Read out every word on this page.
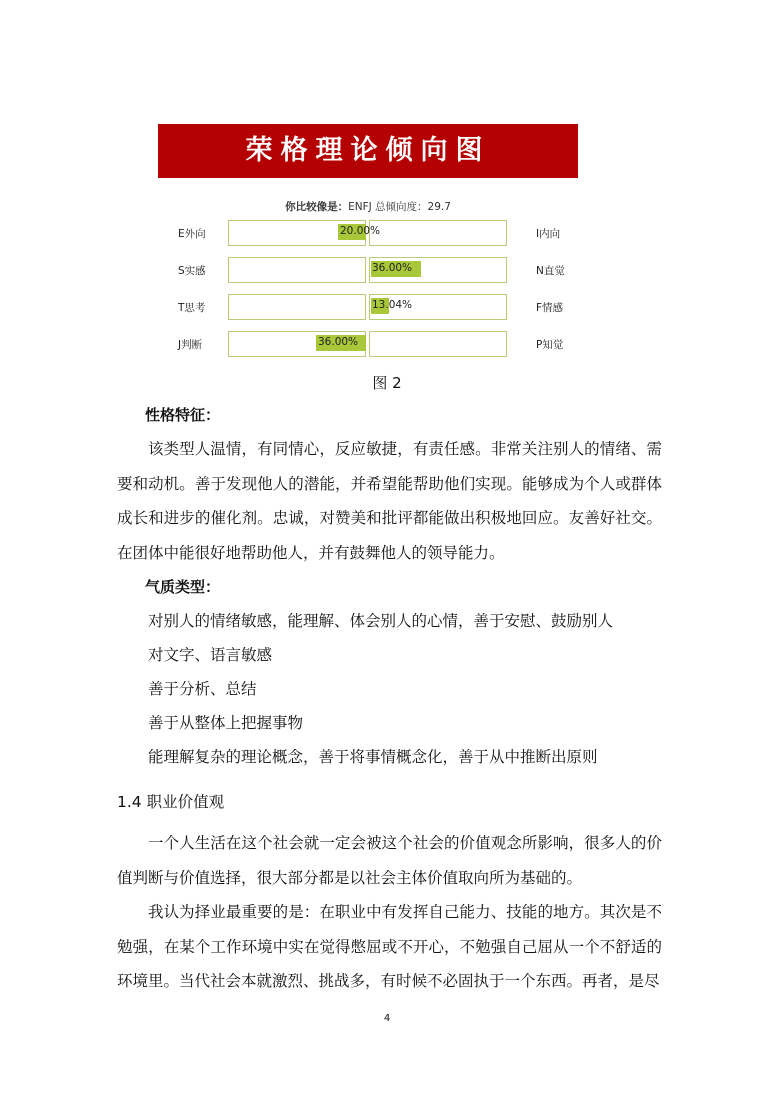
荣格理论倾向图
你比较像是：ENFJ 总倾向度：29.7
E外向	20.00%	I内向
S实感	36.00%	N直觉
T思考	13.04%	F情感
J判断	36.00%	P知觉
图 2
性格特征：

该类型人温情，有同情心，反应敏捷，有责任感。非常关注别人的情绪、需要和动机。善于发现他人的潜能，并希望能帮助他们实现。能够成为个人或群体成长和进步的催化剂。忠诚，对赞美和批评都能做出积极地回应。友善好社交。在团体中能很好地帮助他人，并有鼓舞他人的领导能力。

气质类型：
对别人的情绪敏感，能理解、体会别人的心情，善于安慰、鼓励别人
对文字、语言敏感
善于分析、总结
善于从整体上把握事物
能理解复杂的理论概念，善于将事情概念化，善于从中推断出原则
1.4 职业价值观

一个人生活在这个社会就一定会被这个社会的价值观念所影响，很多人的价值判断与价值选择，很大部分都是以社会主体价值取向所为基础的。

我认为择业最重要的是：在职业中有发挥自己能力、技能的地方。其次是不勉强，在某个工作环境中实在觉得憋屈或不开心，不勉强自己屈从一个不舒适的环境里。当代社会本就激烈、挑战多，有时候不必固执于一个东西。再者，是尽

4
